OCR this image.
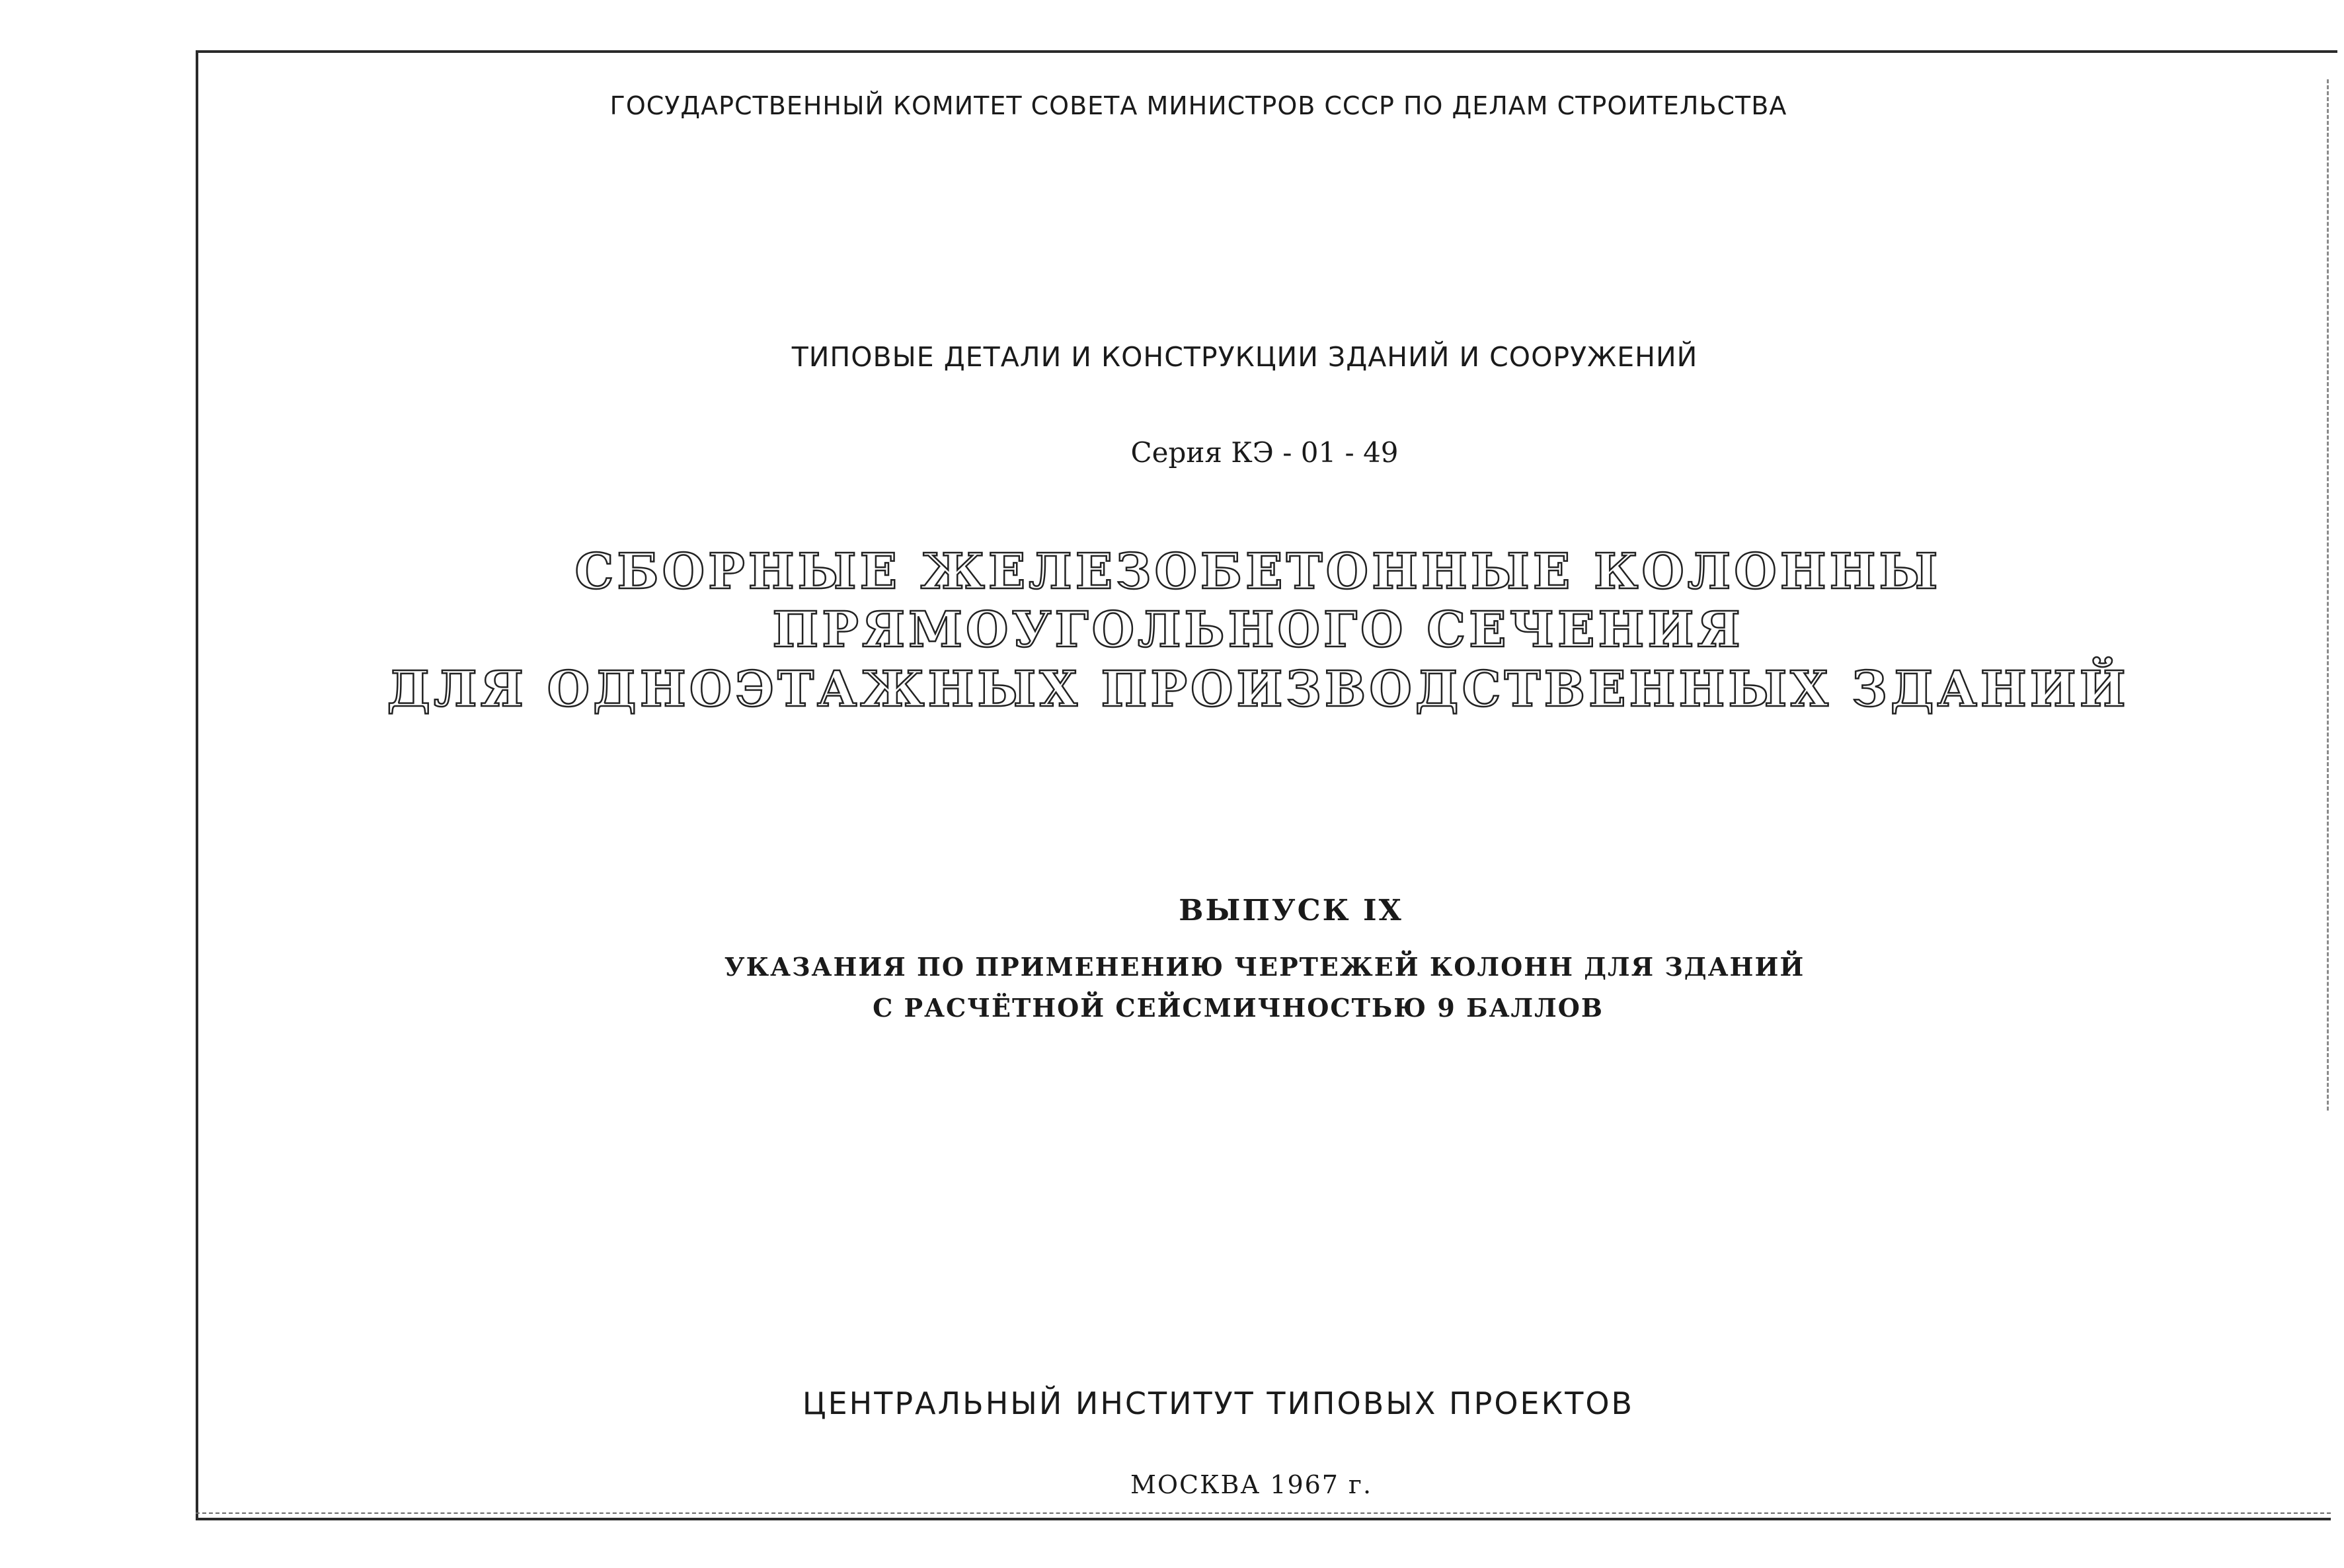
ГОСУДАРСТВЕННЫЙ КОМИТЕТ СОВЕТА МИНИСТРОВ СССР ПО ДЕЛАМ СТРОИТЕЛЬСТВА
ТИПОВЫЕ ДЕТАЛИ И КОНСТРУКЦИИ ЗДАНИЙ И СООРУЖЕНИЙ
Серия КЭ - 01 - 49
СБОРНЫЕ ЖЕЛЕЗОБЕТОННЫЕ КОЛОННЫ
ПРЯМОУГОЛЬНОГО СЕЧЕНИЯ
ДЛЯ ОДНОЭТАЖНЫХ ПРОИЗВОДСТВЕННЫХ ЗДАНИЙ
ВЫПУСК IX
УКАЗАНИЯ ПО ПРИМЕНЕНИЮ ЧЕРТЕЖЕЙ КОЛОНН ДЛЯ ЗДАНИЙ
С РАСЧЁТНОЙ СЕЙСМИЧНОСТЬЮ 9 БАЛЛОВ
ЦЕНТРАЛЬНЫЙ ИНСТИТУТ ТИПОВЫХ ПРОЕКТОВ
МОСКВА 1967 г.
